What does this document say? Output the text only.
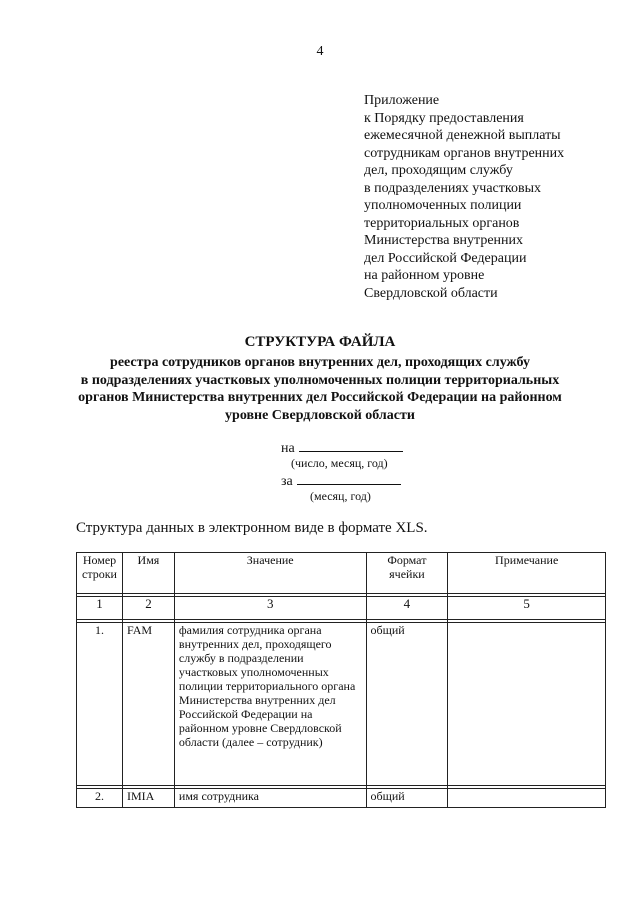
4
Приложение
к Порядку предоставления
ежемесячной денежной выплаты
сотрудникам органов внутренних
дел, проходящим службу
в подразделениях участковых
уполномоченных полиции
территориальных органов
Министерства внутренних
дел Российской Федерации
на районном уровне
Свердловской области
СТРУКТУРА ФАЙЛА
реестра сотрудников органов внутренних дел, проходящих службу
в подразделениях участковых уполномоченных полиции территориальных
органов Министерства внутренних дел Российской Федерации на районном
уровне Свердловской области
на
(число, месяц, год)
за
(месяц, год)
Структура данных в электронном виде в формате XLS.
Номер строки	Имя	Значение	Формат ячейки	Примечание

1	2	3	4	5

1.	FAM	фамилия сотрудника органа внутренних дел, проходящего службу в подразделении участковых уполномоченных полиции территориального органа Министерства внутренних дел Российской Федерации на районном уровне Свердловской области (далее – сотрудник)	общий	

2.	IMIA	имя сотрудника	общий	
